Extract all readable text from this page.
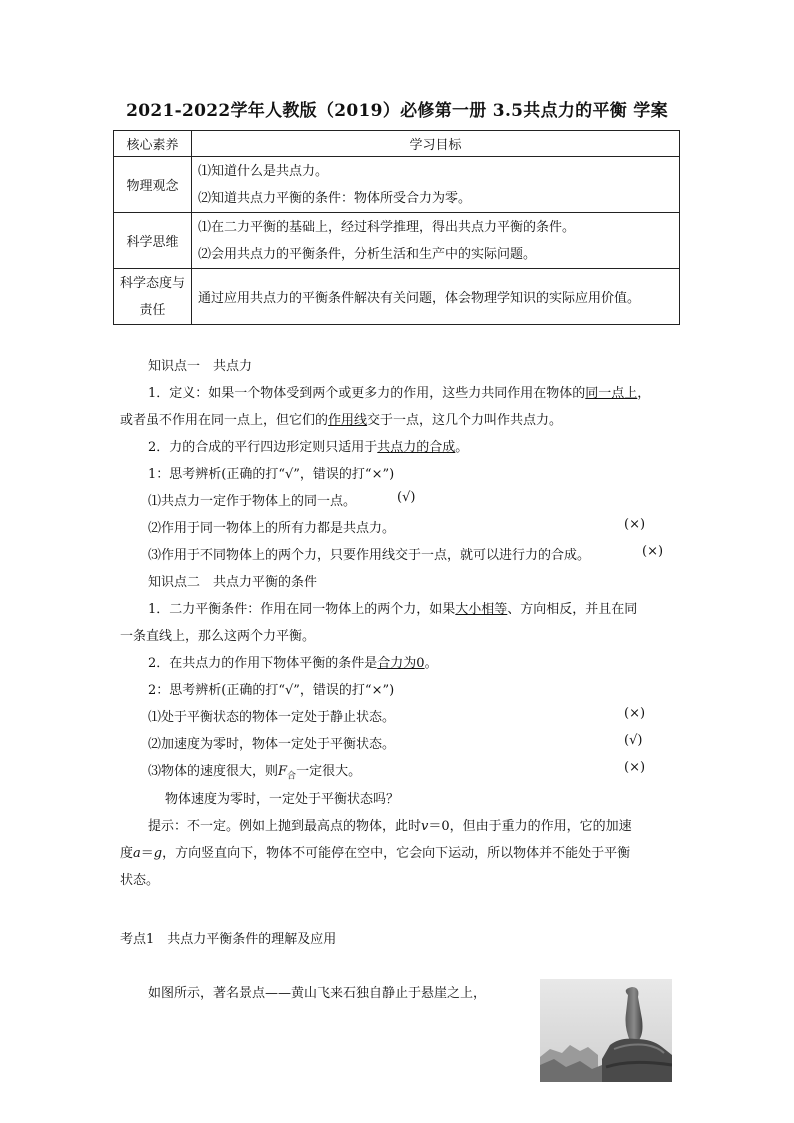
2021-2022学年人教版（2019）必修第一册 3.5共点力的平衡 学案
核心素养	学习目标
物理观念	⑴知道什么是共点力。
⑵知道共点力平衡的条件：物体所受合力为零。

科学思维	⑴在二力平衡的基础上，经过科学推理，得出共点力平衡的条件。
⑵会用共点力的平衡条件，分析生活和生产中的实际问题。

科学态度与
责任	通过应用共点力的平衡条件解决有关问题，体会物理学知识的实际应用价值。
知识点一　共点力
1．定义：如果一个物体受到两个或更多力的作用，这些力共同作用在物体的同一点上，
或者虽不作用在同一点上，但它们的作用线交于一点，这几个力叫作共点力。
2．力的合成的平行四边形定则只适用于共点力的合成。
1：思考辨析(正确的打“√”，错误的打“×”)
⑴共点力一定作于物体上的同一点。	(√)
⑵作用于同一物体上的所有力都是共点力。	(×)
⑶作用于不同物体上的两个力，只要作用线交于一点，就可以进行力的合成。	(×)
知识点二　共点力平衡的条件
1．二力平衡条件：作用在同一物体上的两个力，如果大小相等、方向相反，并且在同
一条直线上，那么这两个力平衡。
2．在共点力的作用下物体平衡的条件是合力为0。
2：思考辨析(正确的打“√”，错误的打“×”)
⑴处于平衡状态的物体一定处于静止状态。	(×)
⑵加速度为零时，物体一定处于平衡状态。	(√)
⑶物体的速度很大，则$F_合$一定很大。	(×)
物体速度为零时，一定处于平衡状态吗？
提示：不一定。例如上抛到最高点的物体，此时v＝0，但由于重力的作用，它的加速
度a＝g，方向竖直向下，物体不可能停在空中，它会向下运动，所以物体并不能处于平衡
状态。
考点1　共点力平衡条件的理解及应用
如图所示，著名景点——黄山飞来石独自静止于悬崖之上，
